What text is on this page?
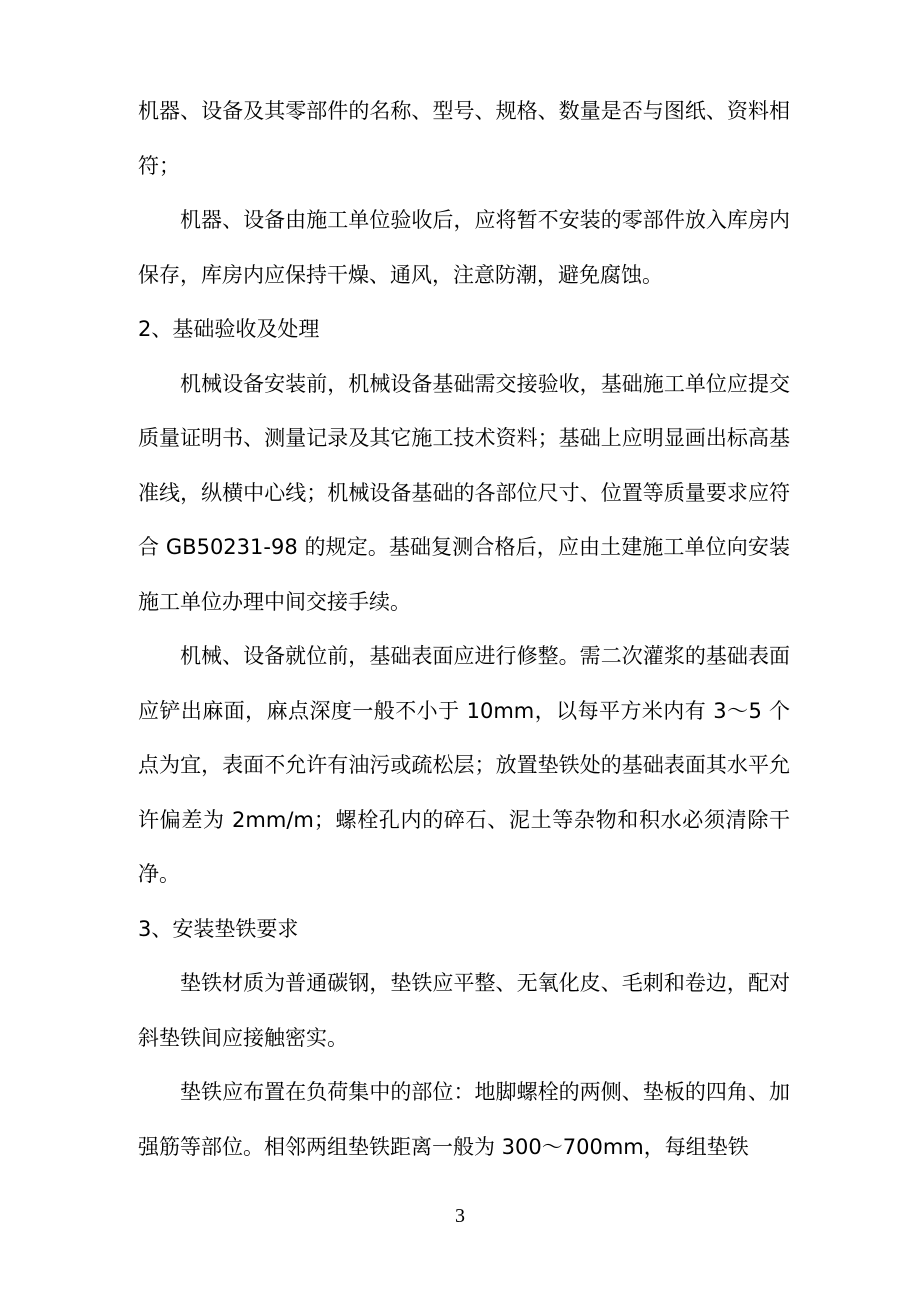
机器、设备及其零部件的名称、型号、规格、数量是否与图纸、资料相符；

机器、设备由施工单位验收后，应将暂不安装的零部件放入库房内保存，库房内应保持干燥、通风，注意防潮，避免腐蚀。

2、基础验收及处理

机械设备安装前，机械设备基础需交接验收，基础施工单位应提交质量证明书、测量记录及其它施工技术资料；基础上应明显画出标高基准线，纵横中心线；机械设备基础的各部位尺寸、位置等质量要求应符合 GB50231-98 的规定。基础复测合格后，应由土建施工单位向安装施工单位办理中间交接手续。

机械、设备就位前，基础表面应进行修整。需二次灌浆的基础表面应铲出麻面，麻点深度一般不小于 10mm，以每平方米内有 3～5 个点为宜，表面不允许有油污或疏松层；放置垫铁处的基础表面其水平允许偏差为 2mm/m；螺栓孔内的碎石、泥土等杂物和积水必须清除干净。

3、安装垫铁要求

垫铁材质为普通碳钢，垫铁应平整、无氧化皮、毛刺和卷边，配对斜垫铁间应接触密实。

垫铁应布置在负荷集中的部位：地脚螺栓的两侧、垫板的四角、加强筋等部位。相邻两组垫铁距离一般为 300～700mm，每组垫铁

3
